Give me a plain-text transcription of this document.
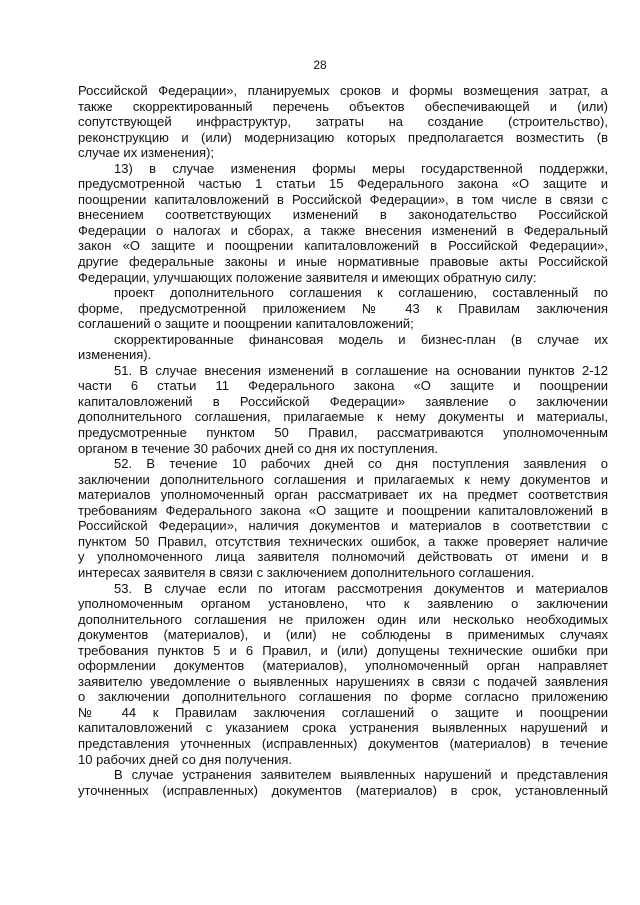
28

Российской Федерации», планируемых сроков и формы возмещения затрат, а

также скорректированный перечень объектов обеспечивающей и (или)

сопутствующей инфраструктур, затраты на создание (строительство),

реконструкцию и (или) модернизацию которых предполагается возместить (в

случае их изменения);

13) в случае изменения формы меры государственной поддержки,

предусмотренной частью 1 статьи 15 Федерального закона «О защите и

поощрении капиталовложений в Российской Федерации», в том числе в связи с

внесением соответствующих изменений в законодательство Российской

Федерации о налогах и сборах, а также внесения изменений в Федеральный

закон «О защите и поощрении капиталовложений в Российской Федерации»,

другие федеральные законы и иные нормативные правовые акты Российской

Федерации, улучшающих положение заявителя и имеющих обратную силу:

проект дополнительного соглашения к соглашению, составленный по

форме, предусмотренной приложением № 43 к Правилам заключения

соглашений о защите и поощрении капиталовложений;

скорректированные финансовая модель и бизнес-план (в случае их

изменения).

51. В случае внесения изменений в соглашение на основании пунктов 2-12

части 6 статьи 11 Федерального закона «О защите и поощрении

капиталовложений в Российской Федерации» заявление о заключении

дополнительного соглашения, прилагаемые к нему документы и материалы,

предусмотренные пунктом 50 Правил, рассматриваются уполномоченным

органом в течение 30 рабочих дней со дня их поступления.

52. В течение 10 рабочих дней со дня поступления заявления о

заключении дополнительного соглашения и прилагаемых к нему документов и

материалов уполномоченный орган рассматривает их на предмет соответствия

требованиям Федерального закона «О защите и поощрении капиталовложений в

Российской Федерации», наличия документов и материалов в соответствии с

пунктом 50 Правил, отсутствия технических ошибок, а также проверяет наличие

у уполномоченного лица заявителя полномочий действовать от имени и в

интересах заявителя в связи с заключением дополнительного соглашения.

53. В случае если по итогам рассмотрения документов и материалов

уполномоченным органом установлено, что к заявлению о заключении

дополнительного соглашения не приложен один или несколько необходимых

документов (материалов), и (или) не соблюдены в применимых случаях

требования пунктов 5 и 6 Правил, и (или) допущены технические ошибки при

оформлении документов (материалов), уполномоченный орган направляет

заявителю уведомление о выявленных нарушениях в связи с подачей заявления

о заключении дополнительного соглашения по форме согласно приложению

№ 44 к Правилам заключения соглашений о защите и поощрении

капиталовложений с указанием срока устранения выявленных нарушений и

представления уточненных (исправленных) документов (материалов) в течение

10 рабочих дней со дня получения.

В случае устранения заявителем выявленных нарушений и представления

уточненных (исправленных) документов (материалов) в срок, установленный
